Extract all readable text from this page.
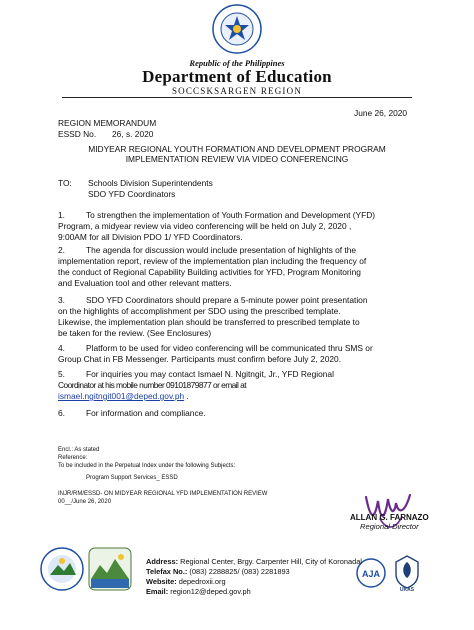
Republic of the Philippines
Department of Education
SOCCSKSARGEN REGION
June 26, 2020
REGION MEMORANDUM
ESSD No. 26, s. 2020
MIDYEAR REGIONAL YOUTH FORMATION AND DEVELOPMENT PROGRAM
IMPLEMENTATION REVIEW VIA VIDEO CONFERENCING
TO: Schools Division Superintendents
SDO YFD Coordinators
1.	To strengthen the implementation of Youth Formation and Development (YFD)
Program, a midyear review via video conferencing will be held on July 2, 2020 ,
9:00AM for all Division PDO 1/ YFD Coordinators.
2.	The agenda for discussion would include presentation of highlights of the
implementation report, review of the implementation plan including the frequency of
the conduct of Regional Capability Building activities for YFD, Program Monitoring
and Evaluation tool and other relevant matters.
3.	SDO YFD Coordinators should prepare a 5-minute power point presentation
on the highlights of accomplishment per SDO using the prescribed template.
Likewise, the implementation plan should be transferred to prescribed template to
be taken for the review. (See Enclosures)
4.	Platform to be used for video conferencing will be communicated thru SMS or
Group Chat in FB Messenger. Participants must confirm before July 2, 2020.
5.	For inquiries you may contact Ismael N. Ngitngit, Jr., YFD Regional
Coordinator at his mobile number 09101879877 or email at
ismael.ngitngit001@deped.gov.ph .
6.	For information and compliance.
ALLAN G. FARNAZO
Regional Director
Encl.: As stated
Reference:
To be included in the Perpetual Index under the following Subjects:
Program Support Services_ ESSD
INJR/RM/ESSD- ON MIDYEAR REGIONAL YFD IMPLEMENTATION REVIEW
00__/June 26, 2020
AJA
UKAS
Address: Regional Center, Brgy. Carpenter Hill, City of Koronadal
Telefax No.: (083) 2288825/ (083) 2281893
Website: depedroxii.org
Email: region12@deped.gov.ph
